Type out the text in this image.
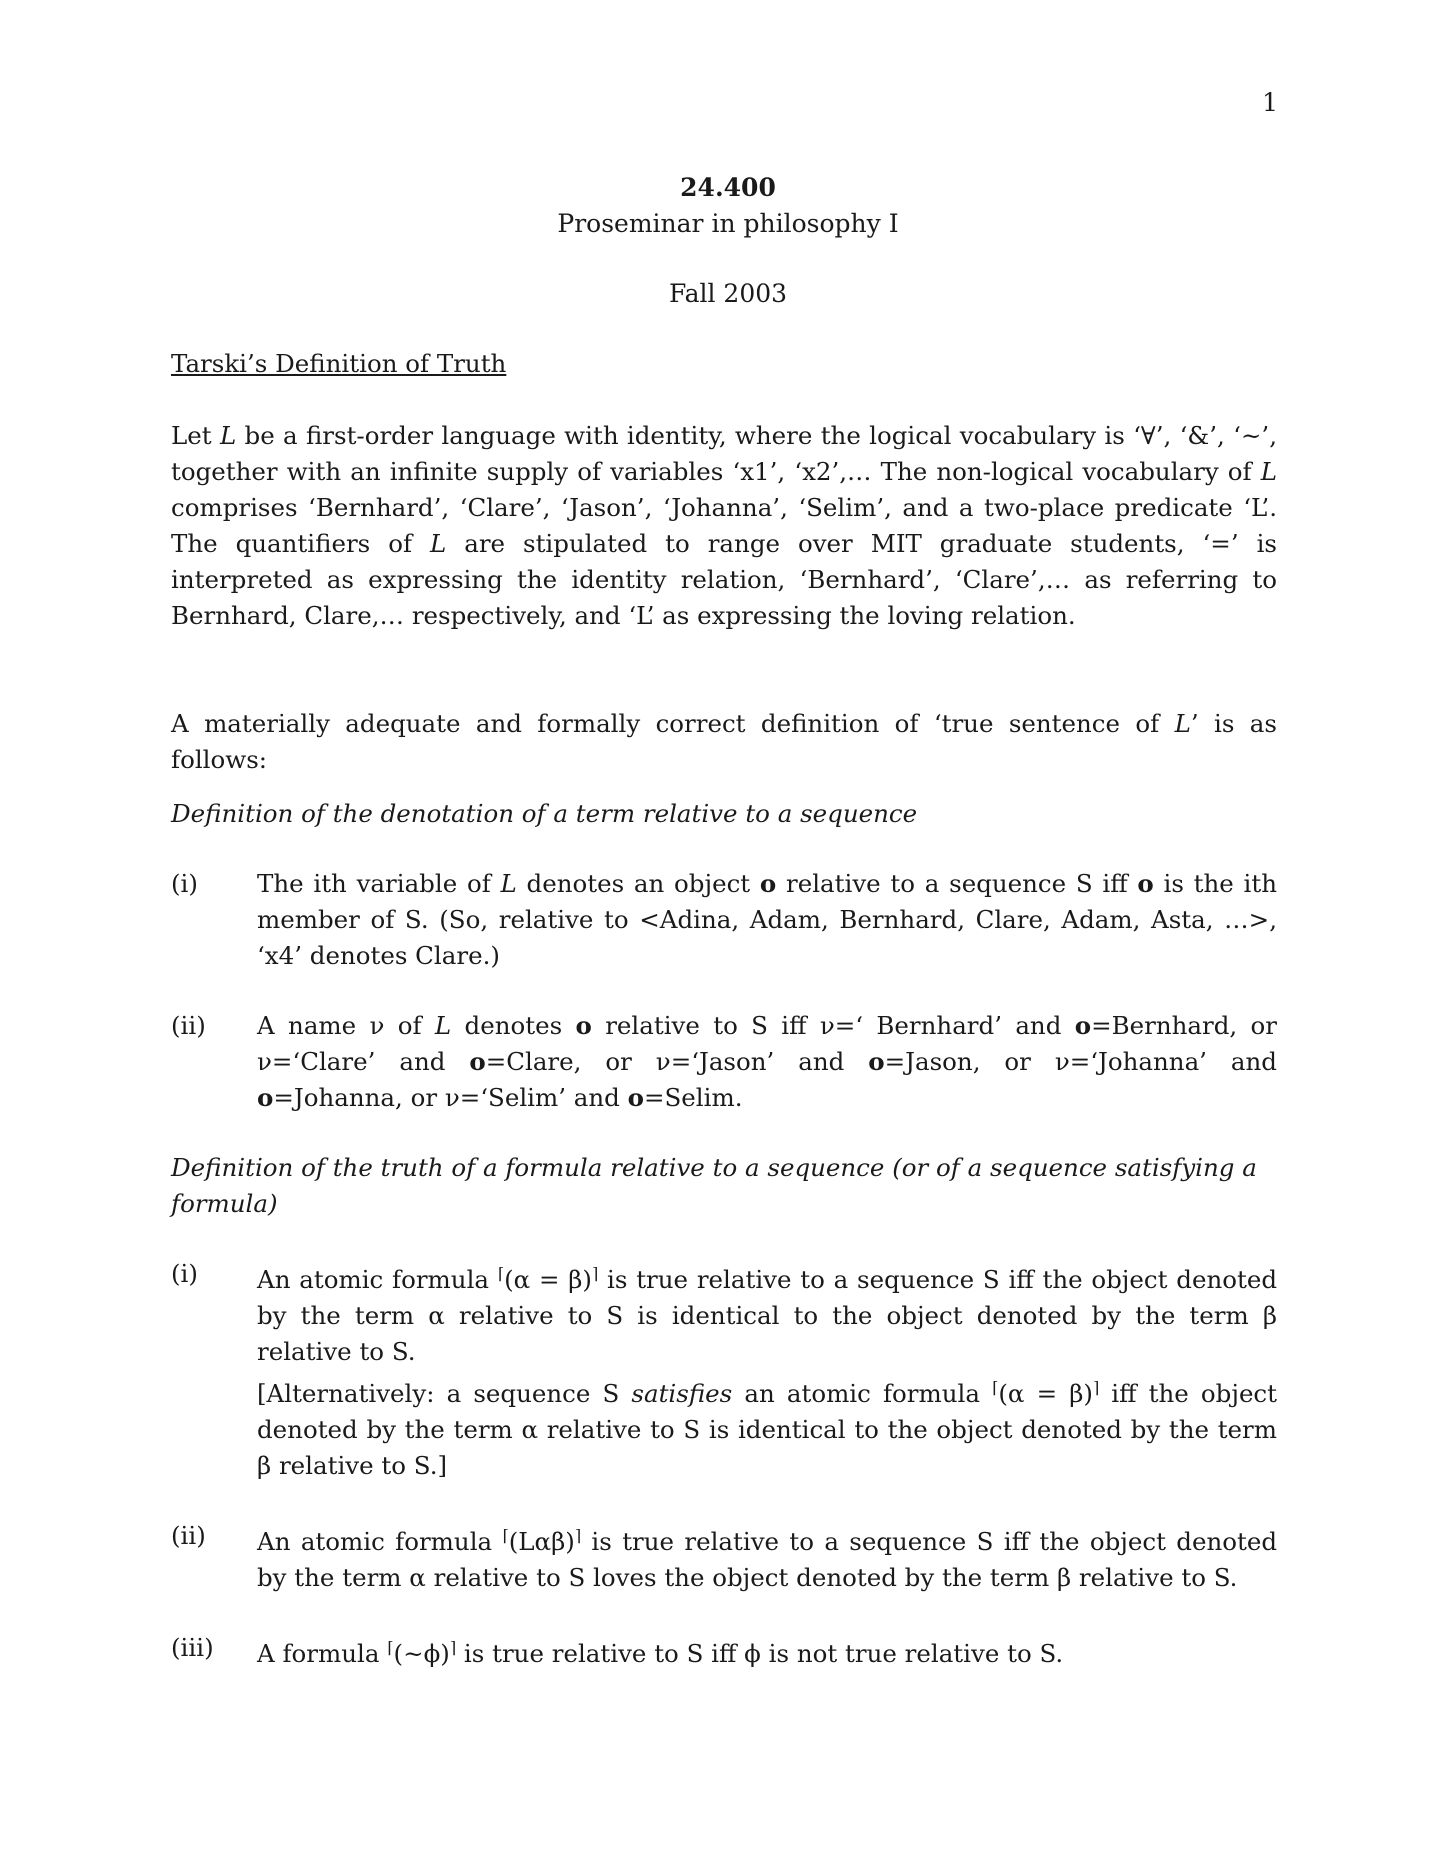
1
24.400
Proseminar in philosophy I
Fall 2003
Tarski’s Definition of Truth

Let L be a first-order language with identity, where the logical vocabulary is ‘∀’, ‘&’, ‘~’, together with an infinite supply of variables ‘x1’, ‘x2’,… The non-logical vocabulary of L comprises ‘Bernhard’, ‘Clare’, ‘Jason’, ‘Johanna’, ‘Selim’, and a two-place predicate ‘L’. The quantifiers of L are stipulated to range over MIT graduate students, ‘=’ is interpreted as expressing the identity relation, ‘Bernhard’, ‘Clare’,… as referring to Bernhard, Clare,… respectively, and ‘L’ as expressing the loving relation.

A materially adequate and formally correct definition of ‘true sentence of L’ is as follows:

Definition of the denotation of a term relative to a sequence
(i)	The ith variable of L denotes an object o relative to a sequence S iff o is the ith member of S. (So, relative to <Adina, Adam, Bernhard, Clare, Adam, Asta, …>, ‘x4’ denotes Clare.)
(ii)	A name ν of L denotes o relative to S iff ν=‘ Bernhard’ and o=Bernhard, or ν=‘Clare’ and o=Clare, or ν=‘Jason’ and o=Jason, or ν=‘Johanna’ and o=Johanna, or ν=‘Selim’ and o=Selim.
Definition of the truth of a formula relative to a sequence (or of a sequence satisfying a formula)
(i)	An atomic formula ⌈(α = β)⌉ is true relative to a sequence S iff the object denoted by the term α relative to S is identical to the object denoted by the term β relative to S.
[Alternatively: a sequence S satisfies an atomic formula ⌈(α = β)⌉ iff the object denoted by the term α relative to S is identical to the object denoted by the term β relative to S.]
(ii)	An atomic formula ⌈(Lαβ)⌉ is true relative to a sequence S iff the object denoted by the term α relative to S loves the object denoted by the term β relative to S.
(iii)	A formula ⌈(~ϕ)⌉ is true relative to S iff ϕ is not true relative to S.
